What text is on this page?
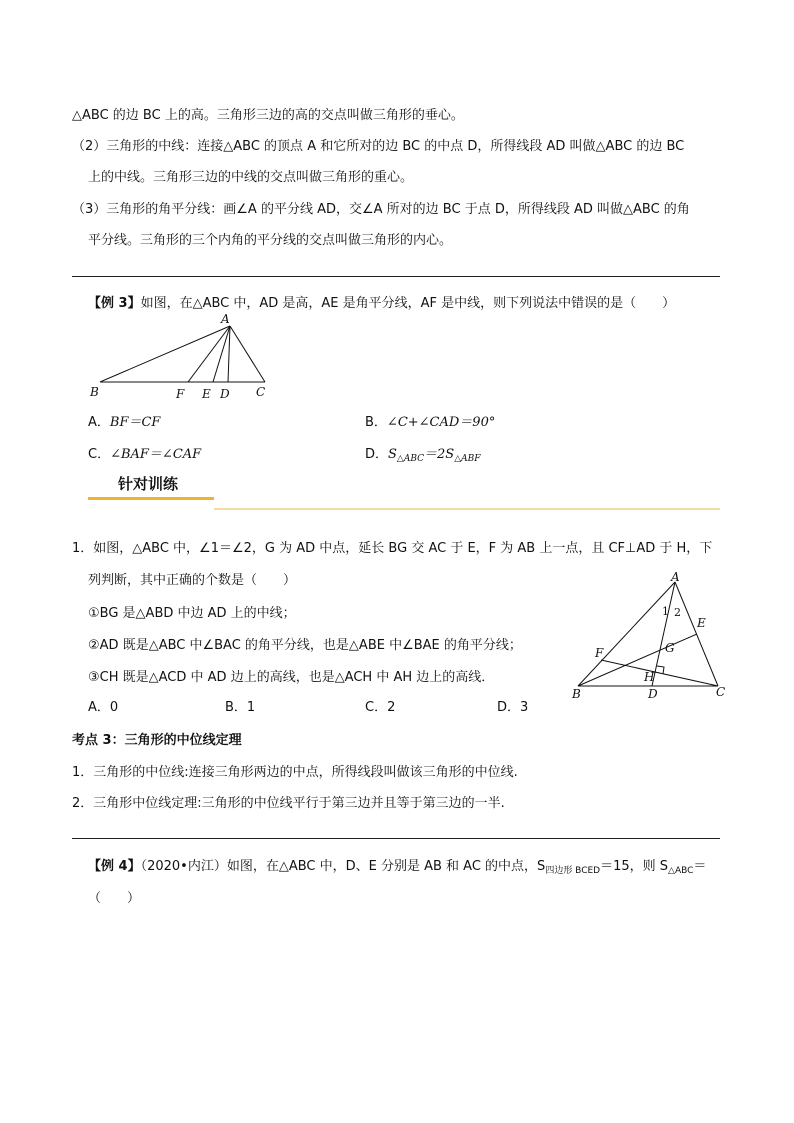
△ABC 的边 BC 上的高。三角形三边的高的交点叫做三角形的垂心。
（2）三角形的中线：连接△ABC 的顶点 A 和它所对的边 BC 的中点 D，所得线段 AD 叫做△ABC 的边 BC
上的中线。三角形三边的中线的交点叫做三角形的重心。
（3）三角形的角平分线：画∠A 的平分线 AD，交∠A 所对的边 BC 于点 D，所得线段 AD 叫做△ABC 的角
平分线。三角形的三个内角的平分线的交点叫做三角形的内心。
【例 3】如图，在△ABC 中，AD 是高，AE 是角平分线，AF 是中线，则下列说法中错误的是（　　）
A
B	F E D C
A．BF＝CF	B．∠C+∠CAD＝90°
C．∠BAF＝∠CAF	D．$S_{\triangle ABC}=2S_{\triangle ABF}$
针对训练
1．如图，△ABC 中，∠1＝∠2，G 为 AD 中点，延长 BG 交 AC 于 E，F 为 AB 上一点，且 CF⊥AD 于 H，下
列判断，其中正确的个数是（　　）
①BG 是△ABD 中边 AD 上的中线；
②AD 既是△ABC 中∠BAC 的角平分线，也是△ABE 中∠BAE 的角平分线；
③CH 既是△ACD 中 AD 边上的高线，也是△ACH 中 AH 边上的高线．
A．0	B．1	C．2	D．3
A
1 2
E
F	G
H
B	D	C
考点 3：三角形的中位线定理
1．三角形的中位线:连接三角形两边的中点，所得线段叫做该三角形的中位线.
2．三角形中位线定理:三角形的中位线平行于第三边并且等于第三边的一半.
【例 4】（2020•内江）如图，在△ABC 中，D、E 分别是 AB 和 AC 的中点，$S_{四边形 BCED}=15$，则 $S_{\triangle ABC}=$
（　　）
